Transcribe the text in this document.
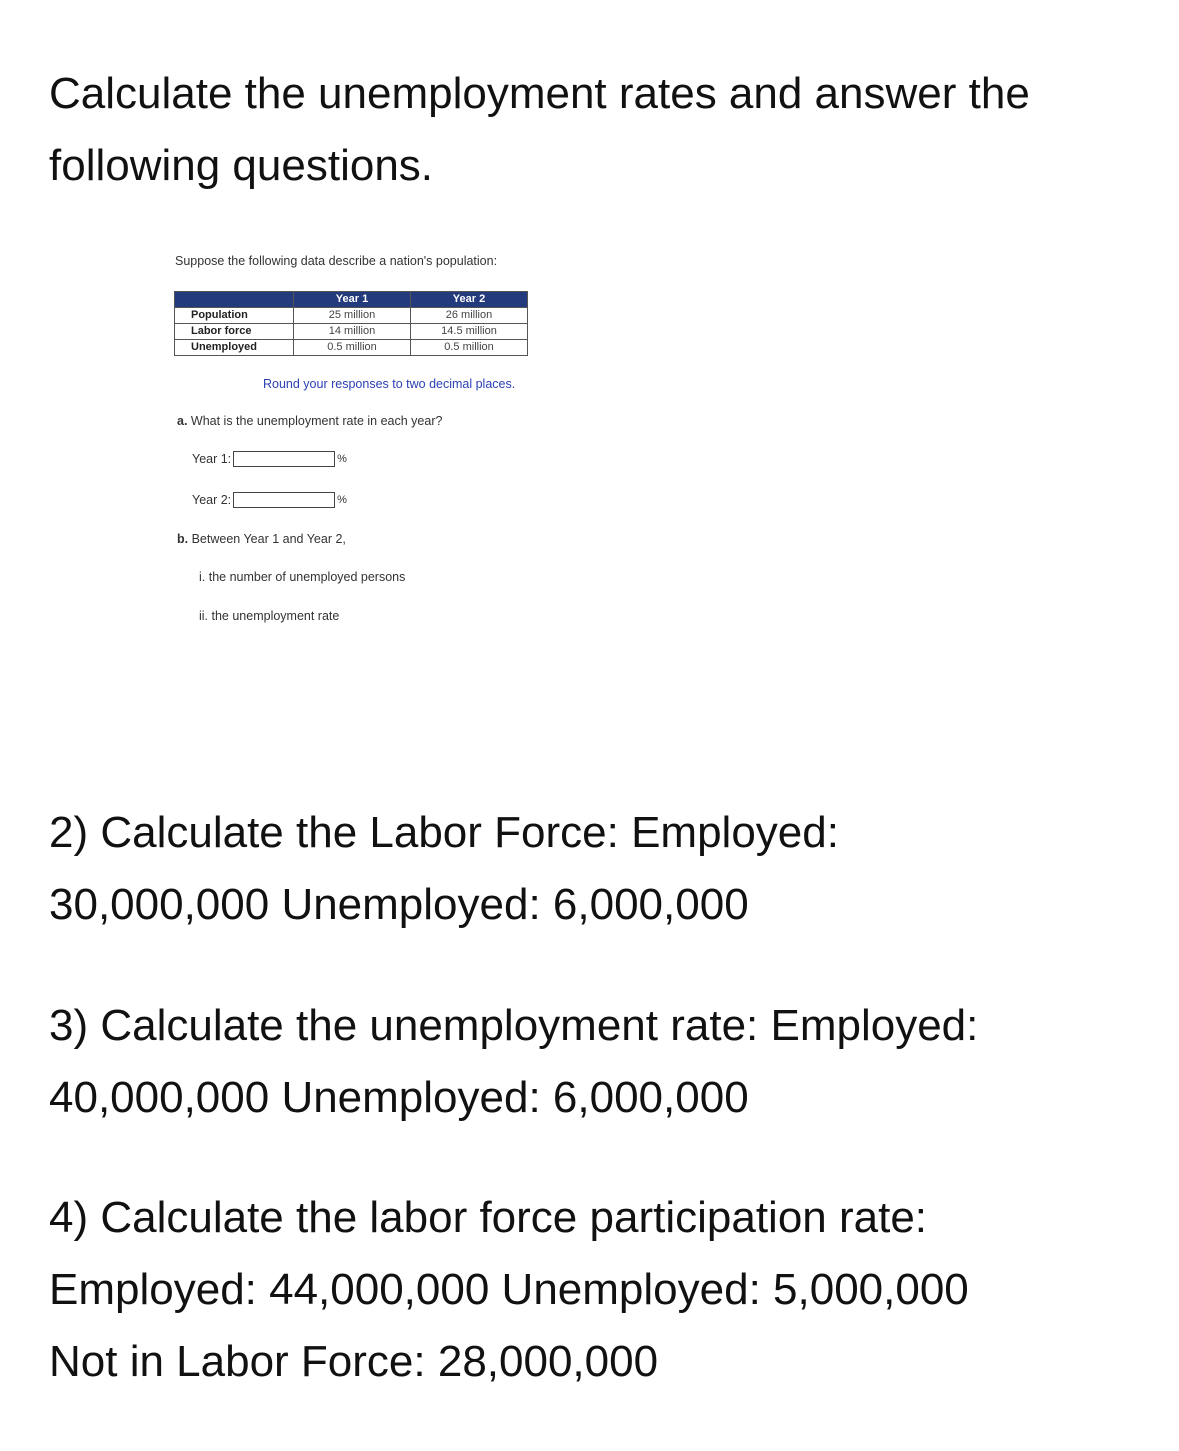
Calculate the unemployment rates and answer the
following questions.
Suppose the following data describe a nation's population:
	Year 1	Year 2
Population	25 million	26 million
Labor force	14 million	14.5 million
Unemployed	0.5 million	0.5 million
Round your responses to two decimal places.
a. What is the unemployment rate in each year?
Year 1:	%
Year 2:	%
b. Between Year 1 and Year 2,
i. the number of unemployed persons
ii. the unemployment rate
2) Calculate the Labor Force: Employed:
30,000,000 Unemployed: 6,000,000
3) Calculate the unemployment rate: Employed:
40,000,000 Unemployed: 6,000,000
4) Calculate the labor force participation rate:
Employed: 44,000,000 Unemployed: 5,000,000
Not in Labor Force: 28,000,000
